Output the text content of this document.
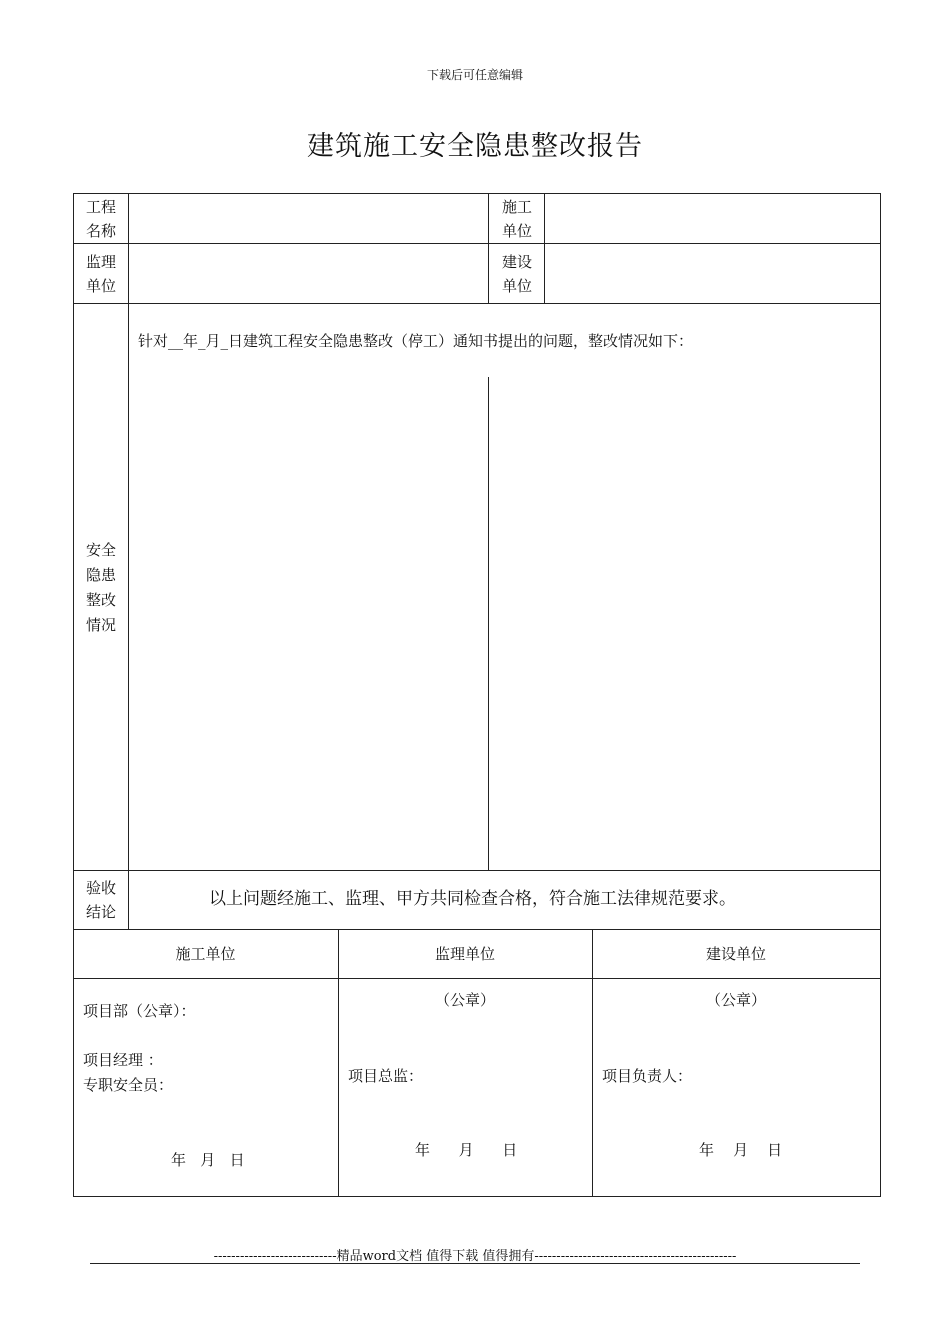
下载后可任意编辑
建筑施工安全隐患整改报告
工程
名称
施工
单位
监理
单位
建设
单位
安全
隐患
整改
情况
针对__年_月_日建筑工程安全隐患整改（停工）通知书提出的问题，整改情况如下：
验收
结论
以上问题经施工、监理、甲方共同检查合格，符合施工法律规范要求。
施工单位	监理单位	建设单位
项目部（公章）：
项目经理 ：
专职安全员：
年   月   日
（公章）
项目总监：
年      月      日
（公章）
项目负责人：
年    月    日
----------------------------精品word文档 值得下载 值得拥有----------------------------------------------
